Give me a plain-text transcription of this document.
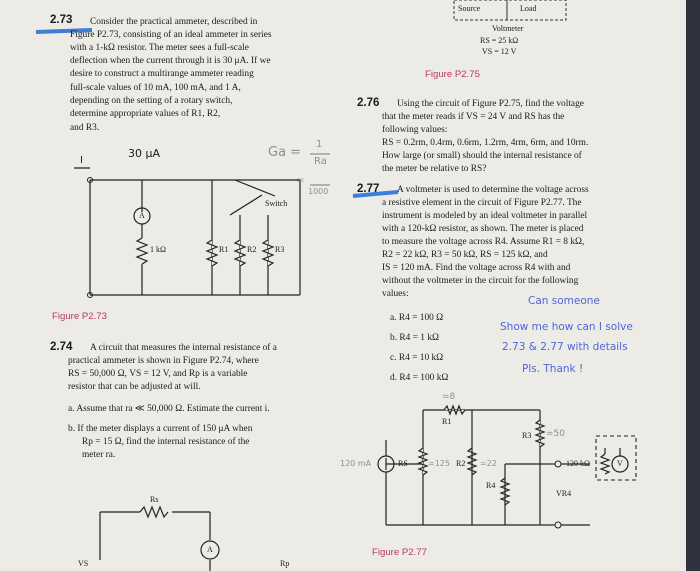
Source	Load
Voltmeter
RS = 25 kΩ
VS = 12 V
Figure P2.75
2.73 Consider the practical ammeter, described in
Figure P2.73, consisting of an ideal ammeter in series
with a 1-kΩ resistor. The meter sees a full-scale
deflection when the current through it is 30 μA. If we
desire to construct a multirange ammeter reading
full-scale values of 10 mA, 100 mA, and 1 A,
depending on the setting of a rotary switch,
determine appropriate values of R1, R2,
and R3.
30 μA
I
Ga =
1
Ra
=
1000
Switch
A
1 kΩ	R1 R2 R3
Figure P2.73
2.74 A circuit that measures the internal resistance of a
practical ammeter is shown in Figure P2.74, where
RS = 50,000 Ω, VS = 12 V, and Rp is a variable
resistor that can be adjusted at will.
a. Assume that ra ≪ 50,000 Ω. Estimate the current i.
b. If the meter displays a current of 150 μA when
Rp = 15 Ω, find the internal resistance of the
meter ra.
Rs
A
VS	Rp
2.76 Using the circuit of Figure P2.75, find the voltage
that the meter reads if VS = 24 V and RS has the
following values:
RS = 0.2rm, 0.4rm, 0.6rm, 1.2rm, 4rm, 6rm, and 10rm.
How large (or small) should the internal resistance of
the meter be relative to RS?
2.77 A voltmeter is used to determine the voltage across
a resistive element in the circuit of Figure P2.77. The
instrument is modeled by an ideal voltmeter in parallel
with a 120-kΩ resistor, as shown. The meter is placed
to measure the voltage across R4. Assume R1 = 8 kΩ,
R2 = 22 kΩ, R3 = 50 kΩ, RS = 125 kΩ, and
IS = 120 mA. Find the voltage across R4 with and
without the voltmeter in the circuit for the following
values:
a. R4 = 100 Ω
b. R4 = 1 kΩ
c. R4 = 10 kΩ
d. R4 = 100 kΩ
Can someone
Show me how can I solve
2.73 & 2.77 with details
Pls. Thank !
=8
R1
R3 =50
120 mA	RS	=125 R2 =22
R4
VR4
120 kΩ	V
Figure P2.77
